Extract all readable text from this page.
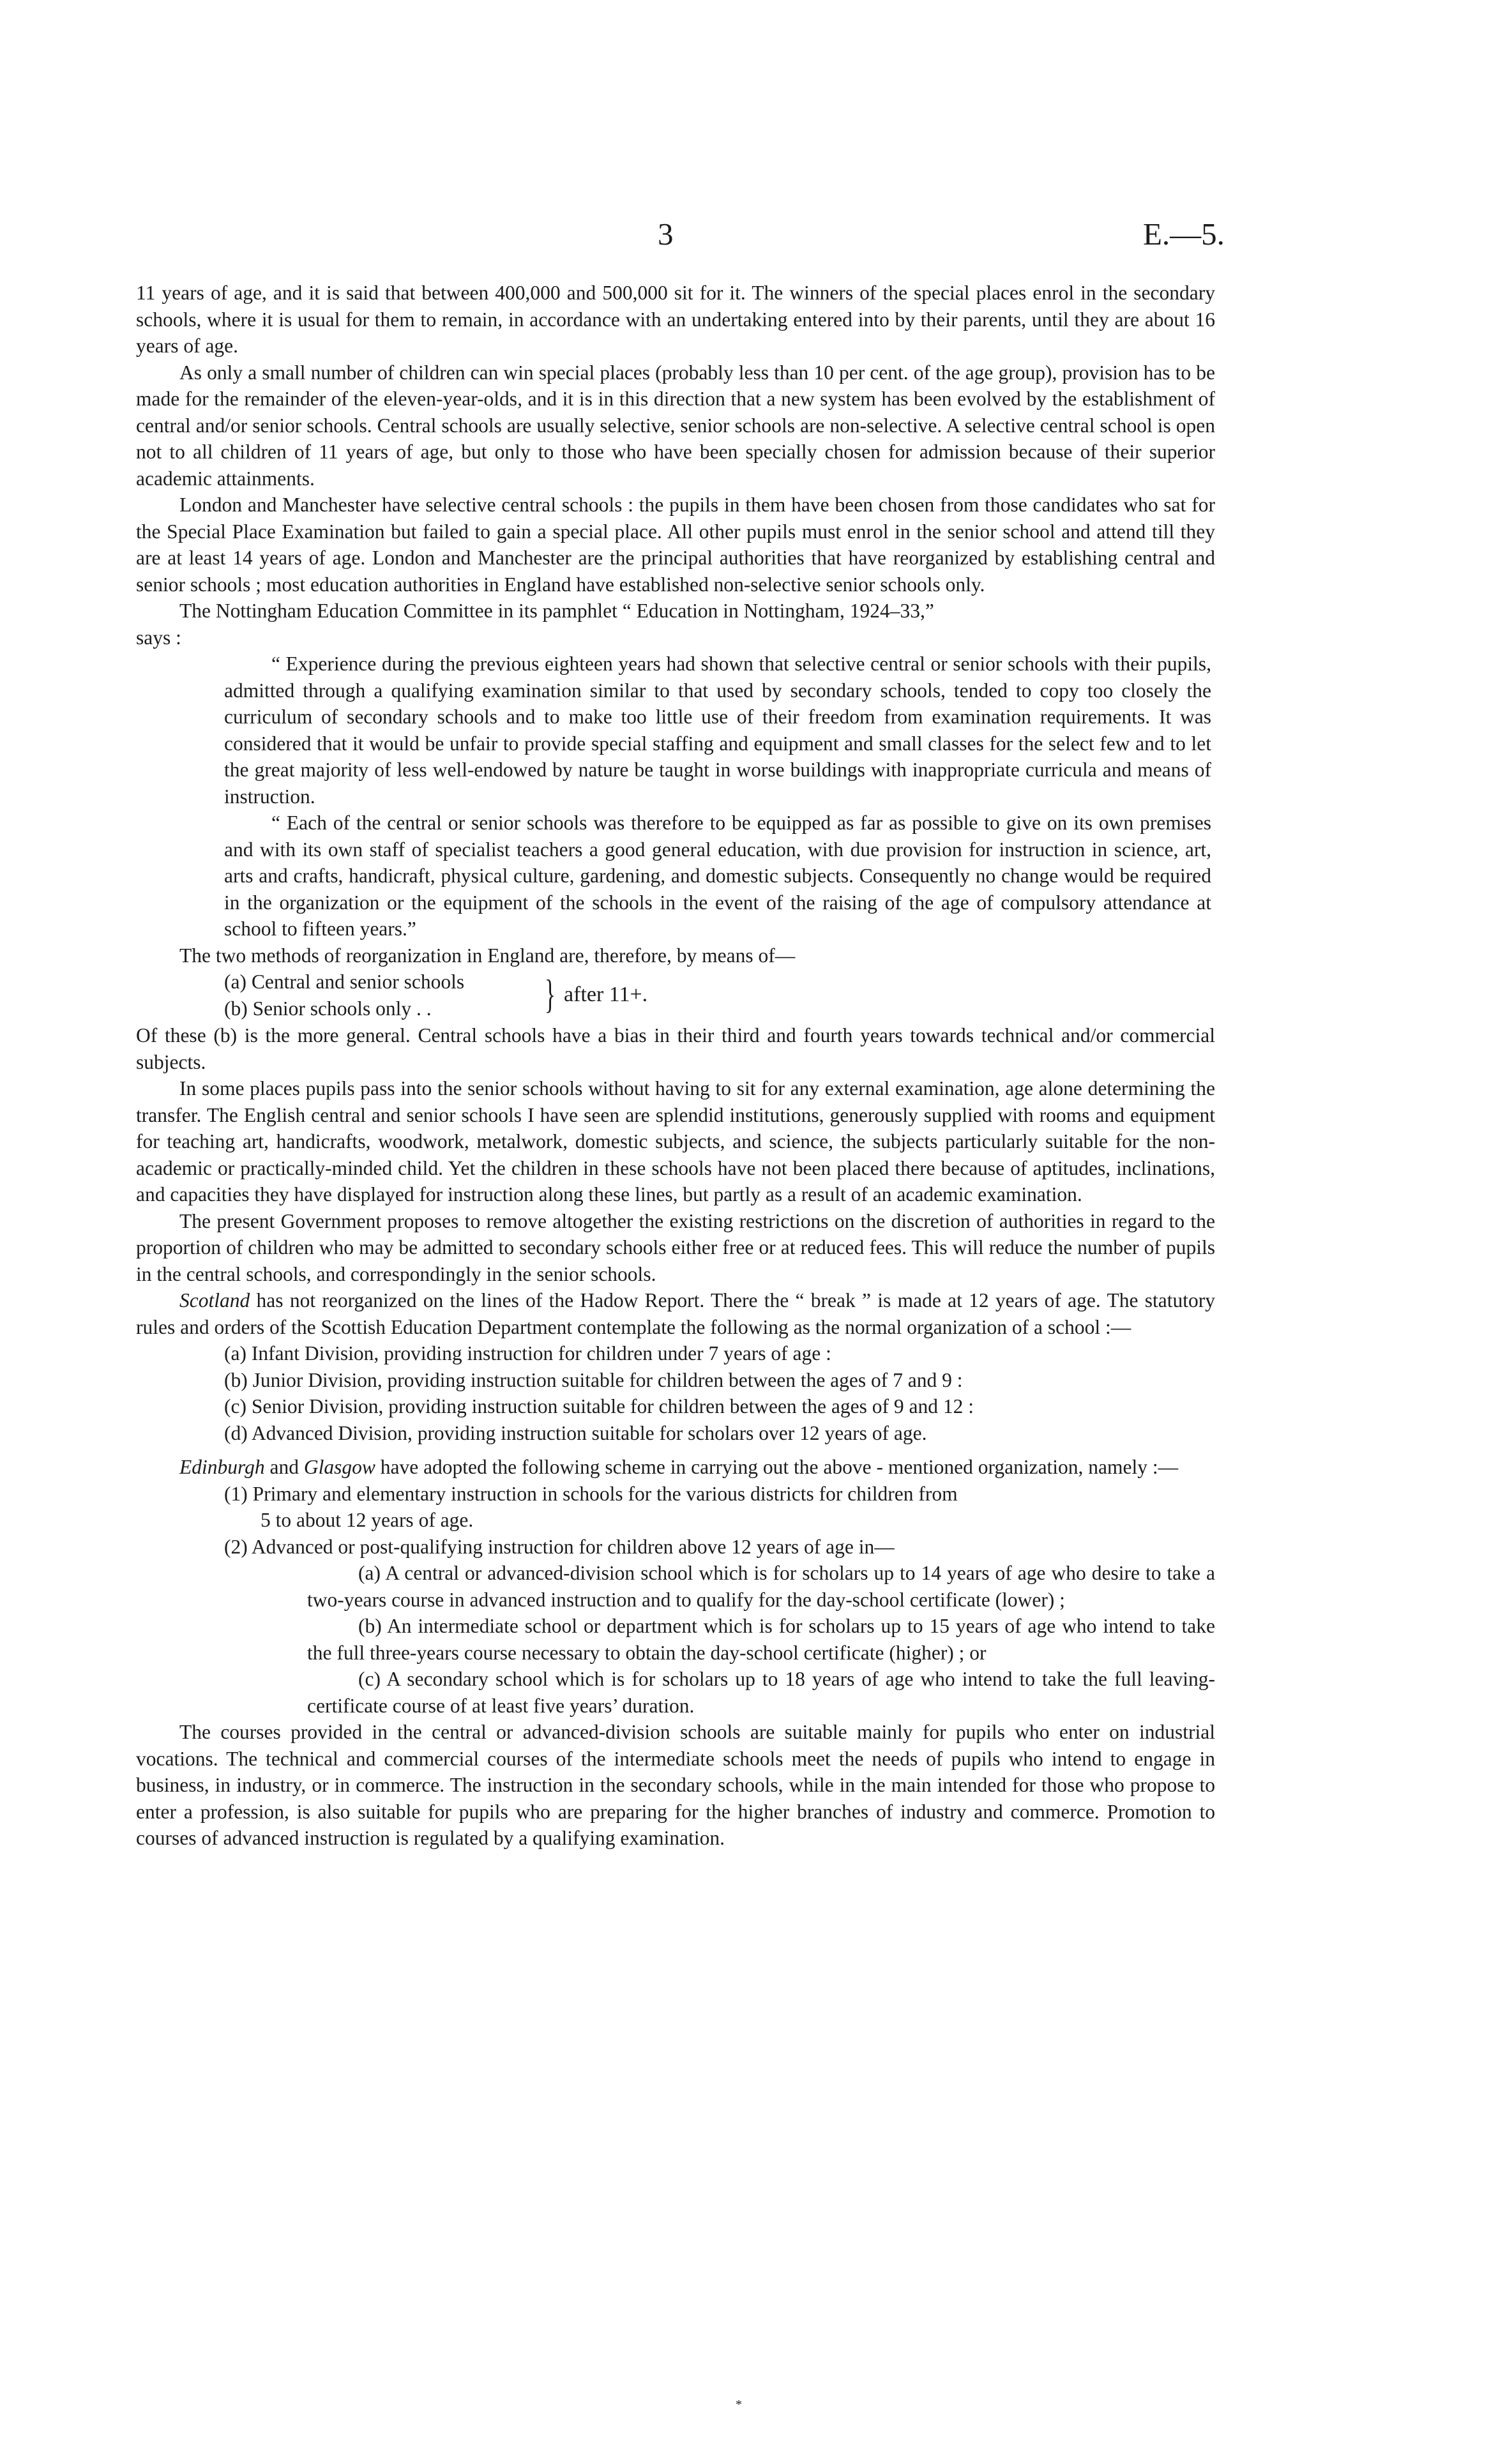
3	E.—5.

11 years of age, and it is said that between 400,000 and 500,000 sit for it. The winners of the special places enrol in the secondary schools, where it is usual for them to remain, in accordance with an undertaking entered into by their parents, until they are about 16 years of age.

As only a small number of children can win special places (probably less than 10 per cent. of the age group), provision has to be made for the remainder of the eleven-year-olds, and it is in this direction that a new system has been evolved by the establishment of central and/or senior schools. Central schools are usually selective, senior schools are non-selective. A selective central school is open not to all children of 11 years of age, but only to those who have been specially chosen for admission because of their superior academic attainments.

London and Manchester have selective central schools : the pupils in them have been chosen from those candidates who sat for the Special Place Examination but failed to gain a special place. All other pupils must enrol in the senior school and attend till they are at least 14 years of age. London and Manchester are the principal authorities that have reorganized by establishing central and senior schools ; most education authorities in England have established non-selective senior schools only.

The Nottingham Education Committee in its pamphlet “ Education in Nottingham, 1924–33,”

says :

“ Experience during the previous eighteen years had shown that selective central or senior schools with their pupils, admitted through a qualifying examination similar to that used by secondary schools, tended to copy too closely the curriculum of secondary schools and to make too little use of their freedom from examination requirements. It was considered that it would be unfair to provide special staffing and equipment and small classes for the select few and to let the great majority of less well-endowed by nature be taught in worse buildings with inappropriate curricula and means of instruction.

“ Each of the central or senior schools was therefore to be equipped as far as possible to give on its own premises and with its own staff of specialist teachers a good general education, with due provision for instruction in science, art, arts and crafts, handicraft, physical culture, gardening, and domestic subjects. Consequently no change would be required in the organization or the equipment of the schools in the event of the raising of the age of compulsory attendance at school to fifteen years.”

The two methods of reorganization in England are, therefore, by means of—

(a) Central and senior schools
(b) Senior schools only . .	} after 11+.

Of these (b) is the more general. Central schools have a bias in their third and fourth years towards technical and/or commercial subjects.

In some places pupils pass into the senior schools without having to sit for any external examination, age alone determining the transfer. The English central and senior schools I have seen are splendid institutions, generously supplied with rooms and equipment for teaching art, handicrafts, woodwork, metalwork, domestic subjects, and science, the subjects particularly suitable for the non-academic or practically-minded child. Yet the children in these schools have not been placed there because of aptitudes, inclinations, and capacities they have displayed for instruction along these lines, but partly as a result of an academic examination.

The present Government proposes to remove altogether the existing restrictions on the discretion of authorities in regard to the proportion of children who may be admitted to secondary schools either free or at reduced fees. This will reduce the number of pupils in the central schools, and correspondingly in the senior schools.

Scotland has not reorganized on the lines of the Hadow Report. There the “ break ” is made at 12 years of age. The statutory rules and orders of the Scottish Education Department contemplate the following as the normal organization of a school :—

(a) Infant Division, providing instruction for children under 7 years of age :

(b) Junior Division, providing instruction suitable for children between the ages of 7 and 9 :

(c) Senior Division, providing instruction suitable for children between the ages of 9 and 12 :

(d) Advanced Division, providing instruction suitable for scholars over 12 years of age.

Edinburgh and Glasgow have adopted the following scheme in carrying out the above - mentioned organization, namely :—

(1) Primary and elementary instruction in schools for the various districts for children from

5 to about 12 years of age.

(2) Advanced or post-qualifying instruction for children above 12 years of age in—

(a) A central or advanced-division school which is for scholars up to 14 years of age who desire to take a two-years course in advanced instruction and to qualify for the day-school certificate (lower) ;

(b) An intermediate school or department which is for scholars up to 15 years of age who intend to take the full three-years course necessary to obtain the day-school certificate (higher) ; or

(c) A secondary school which is for scholars up to 18 years of age who intend to take the full leaving-certificate course of at least five years’ duration.

The courses provided in the central or advanced-division schools are suitable mainly for pupils who enter on industrial vocations. The technical and commercial courses of the intermediate schools meet the needs of pupils who intend to engage in business, in industry, or in commerce. The instruction in the secondary schools, while in the main intended for those who propose to enter a profession, is also suitable for pupils who are preparing for the higher branches of industry and commerce. Promotion to courses of advanced instruction is regulated by a qualifying examination.

*
